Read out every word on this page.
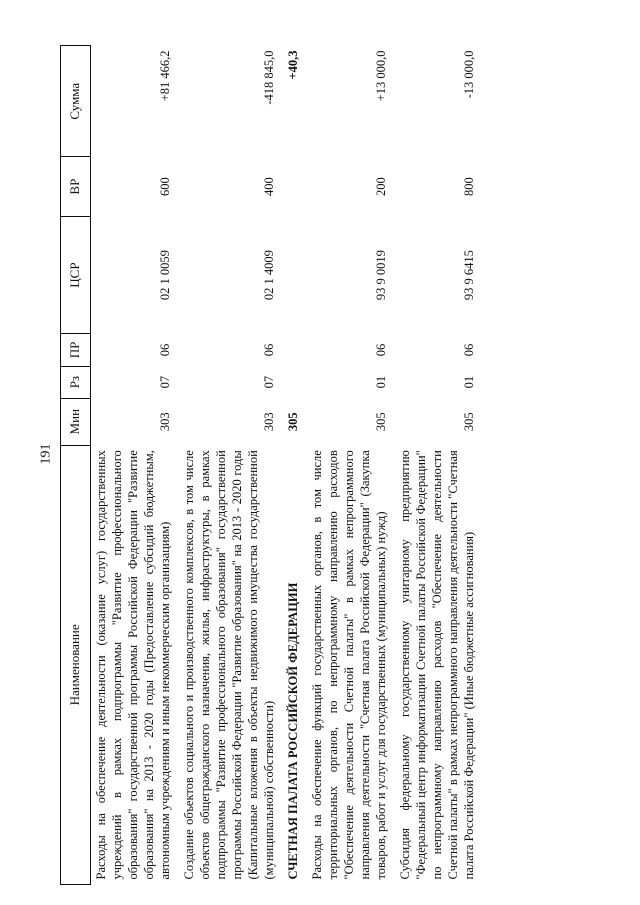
191
Наименование	Мин	Рз	ПР	ЦСР	ВР	Сумма
Расходы на обеспечение деятельности (оказание услуг) государственных учреждений в рамках подпрограммы "Развитие профессионального образования" государственной программы Российской Федерации "Развитие образования" на 2013 - 2020 годы (Предоставление субсидий бюджетным, автономным учреждениям и иным некоммерческим организациям)	303	07	06	02 1 0059	600	+81 466,2
Создание объектов социального и производственного комплексов, в том числе объектов общегражданского назначения, жилья, инфраструктуры, в рамках подпрограммы "Развитие профессионального образования" государственной программы Российской Федерации "Развитие образования" на 2013 - 2020 годы (Капитальные вложения в объекты недвижимого имущества государственной (муниципальной) собственности)	303	07	06	02 1 4009	400	-418 845,0
СЧЕТНАЯ ПАЛАТА РОССИЙСКОЙ ФЕДЕРАЦИИ	305					+40,3
Расходы на обеспечение функций государственных органов, в том числе территориальных органов, по непрограммному направлению расходов "Обеспечение деятельности Счетной палаты" в рамках непрограммного направления деятельности "Счетная палата Российской Федерации" (Закупка товаров, работ и услуг для государственных (муниципальных) нужд)	305	01	06	93 9 0019	200	+13 000,0
Субсидия федеральному государственному унитарному предприятию "Федеральный центр информатизации Счетной палаты Российской Федерации" по непрограммному направлению расходов "Обеспечение деятельности Счетной палаты" в рамках непрограммного направления деятельности "Счетная палата Российской Федерации" (Иные бюджетные ассигнования)	305	01	06	93 9 6415	800	-13 000,0
